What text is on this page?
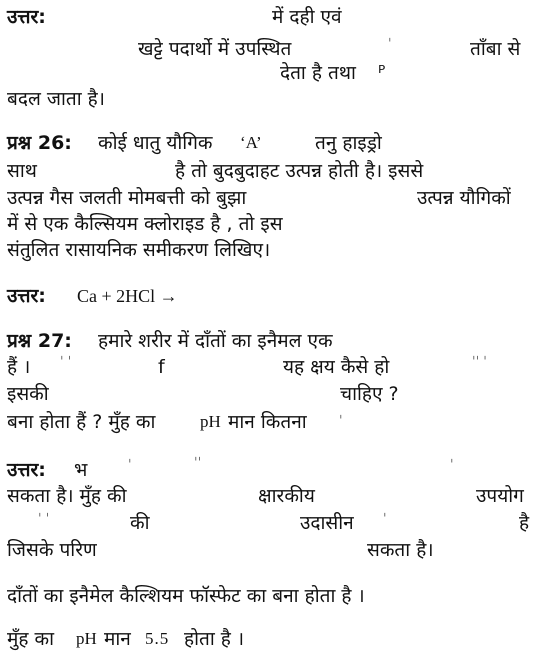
उत्तर:	में दही एवं
खट्टे पदार्थो में उपस्थित	ˈ	ताँबा से
देता है तथा ᴾ
बदल जाता है।
प्रश्न 26: कोई धातु यौगिक ‘A’	तनु हाइड्रो
साथ	है तो बुदबुदाहट उत्पन्न होती है। इससे
उत्पन्न गैस जलती मोमबत्ती को बुझा	उत्पन्न यौगिकों
में से एक कैल्सियम क्लोराइड है , तो इस
संतुलित रासायनिक समीकरण लिखिए।
उत्तर: Ca + 2HCl →
प्रश्न 27: हमारे शरीर में दाँतों का इनैमल एक
हैं । ˈ ˈ	f	यह क्षय कैसे हो	ˈˈ ˈ
इसकी	चाहिए ?
बना होता हैं ? मुँह का	pH मान कितना ˈ
उत्तर: भ	ˈ	ˈˈ	ˈ
सकता है। मुँह की	क्षारकीय	उपयोग
ˈ ˈ	की	उदासीन ˈ	है
जिसके परिण	सकता है।
दाँतों का इनैमेल कैल्शियम फॉस्फेट का बना होता है ।
मुँह का pH मान 5.5 होता है ।
